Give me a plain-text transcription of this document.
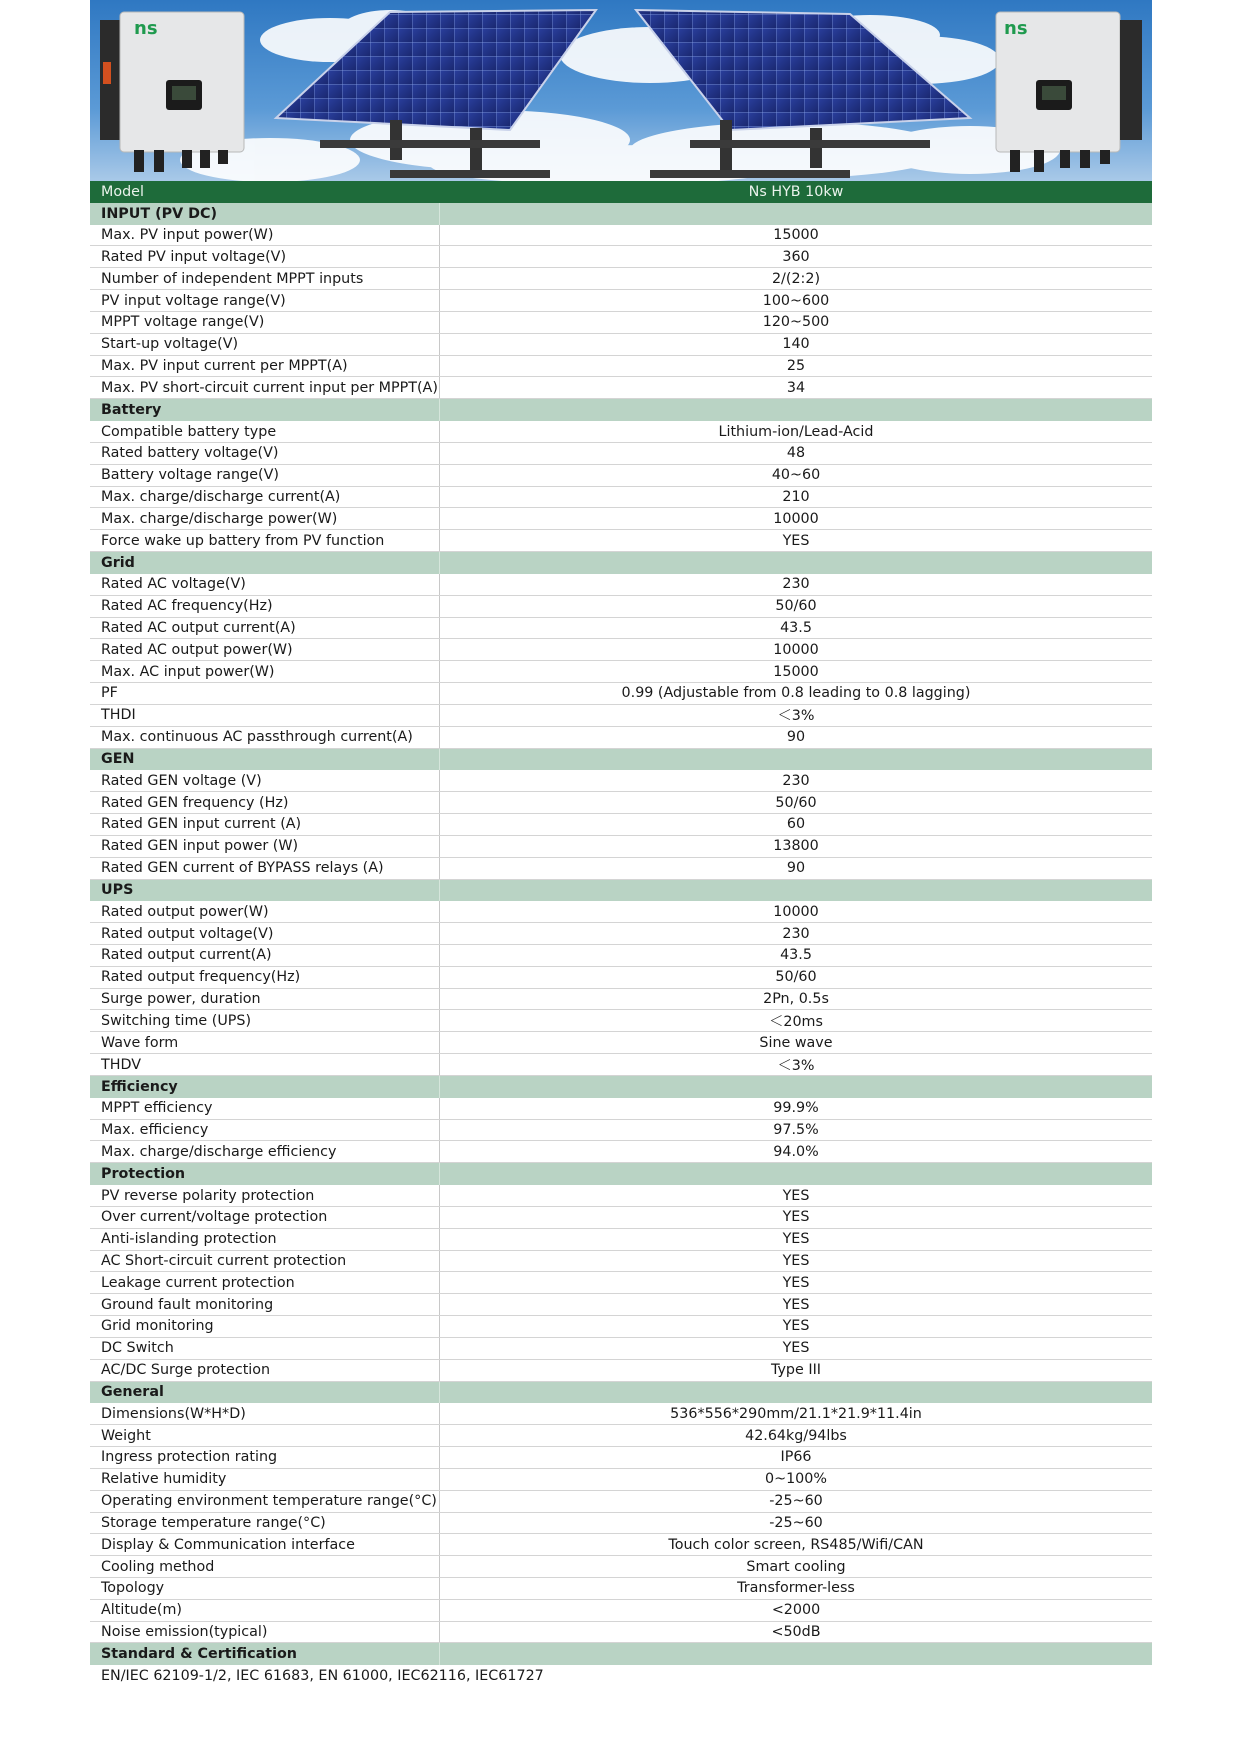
ns	ns
Model	Ns HYB 10kw
INPUT (PV DC)
Max. PV input power(W)	15000
Rated PV input voltage(V)	360
Number of independent MPPT inputs	2/(2:2)
PV input voltage range(V)	100~600
MPPT voltage range(V)	120~500
Start-up voltage(V)	140
Max. PV input current per MPPT(A)	25
Max. PV short-circuit current input per MPPT(A)	34
Battery
Compatible battery type	Lithium-ion/Lead-Acid
Rated battery voltage(V)	48
Battery voltage range(V)	40~60
Max. charge/discharge current(A)	210
Max. charge/discharge power(W)	10000
Force wake up battery from PV function	YES
Grid
Rated AC voltage(V)	230
Rated AC frequency(Hz)	50/60
Rated AC output current(A)	43.5
Rated AC output power(W)	10000
Max. AC input power(W)	15000
PF	0.99 (Adjustable from 0.8 leading to 0.8 lagging)
THDI	＜3%
Max. continuous AC passthrough current(A)	90
GEN
Rated GEN voltage (V)	230
Rated GEN frequency (Hz)	50/60
Rated GEN input current (A)	60
Rated GEN input power (W)	13800
Rated GEN current of BYPASS relays (A)	90
UPS
Rated output power(W)	10000
Rated output voltage(V)	230
Rated output current(A)	43.5
Rated output frequency(Hz)	50/60
Surge power, duration	2Pn, 0.5s
Switching time (UPS)	＜20ms
Wave form	Sine wave
THDV	＜3%
Efficiency
MPPT efficiency	99.9%
Max. efficiency	97.5%
Max. charge/discharge efficiency	94.0%
Protection
PV reverse polarity protection	YES
Over current/voltage protection	YES
Anti-islanding protection	YES
AC Short-circuit current protection	YES
Leakage current protection	YES
Ground fault monitoring	YES
Grid monitoring	YES
DC Switch	YES
AC/DC Surge protection	Type III
General
Dimensions(W*H*D)	536*556*290mm/21.1*21.9*11.4in
Weight	42.64kg/94lbs
Ingress protection rating	IP66
Relative humidity	0~100%
Operating environment temperature range(°C)	-25~60
Storage temperature range(°C)	-25~60
Display & Communication interface	Touch color screen, RS485/Wifi/CAN
Cooling method	Smart cooling
Topology	Transformer-less
Altitude(m)	<2000
Noise emission(typical)	<50dB
Standard & Certification
EN/IEC 62109-1/2, IEC 61683, EN 61000, IEC62116, IEC61727
